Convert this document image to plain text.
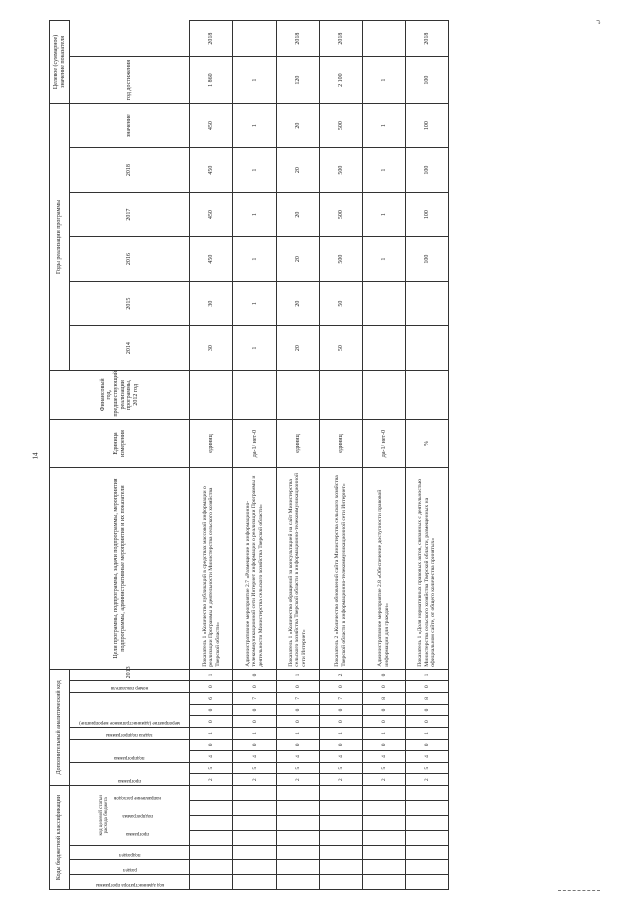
14
↵
Коды бюджетной классификации							Дополнительный аналитический код										Цели программы, подпрограммы, задачи подпрограммы, мероприятия подпрограммы, административные мероприятия и их показатели	Единица измерения	Финансовый год, предшествующий реализации программы, 2012 год	Годы реализации программы						Целевое (суммарное) значение показателя	

код администратора программы	раздел	подраздел	код целевой статьи расхода бюджета
программа
подпрограмма
направление расходов				программа		подпрограмма		задача подпрограммы	мероприятие (административное мероприятие)			номер показателя	2013				2014	2015	2016	2017	2018	значение	год достижения	
							2	5	4	0	1	0	0	6	0	1	Показатель 1 «Количество публикаций в средствах массовой информации о реализации Программы и деятельности Министерства сельского хозяйства Тверской области»	единиц		30	30	450	450	450	450	1 860	2018
							2	5	4	0	1	0	0	7	0	0	Административное мероприятие 2.7 «Размещение в информационно-телекоммуникационной сети Интернет информации о реализации Программы и деятельности Министерства сельского хозяйства Тверской области»	да-1/ нет-0		1	1	1	1	1	1	1	
							2	5	4	0	1	0	0	7	0	1	Показатель 1 «Количество обращений за консультацией на сайт Министерства сельского хозяйства Тверской области в информационно-телекоммуникационной сети Интернет»	единиц		20	20	20	20	20	20	120	2018
							2	5	4	0	1	0	0	7	0	2	Показатель 2 «Количество обновлений сайта Министерства сельского хозяйства Тверской области в информационно-телекоммуникационной сети Интернет»	единиц		50	50	500	500	500	500	2 100	2018
							2	5	4	0	1	0	0	8	0	0	Административное мероприятие 2.8 «Обеспечение доступности правовой информации для граждан»	да-1/ нет-0				1	1	1	1	1	
							2	5	4	0	1	0	0	8	0	1	Показатель 1 «Доля нормативных правовых актов, связанных с деятельностью Министерства сельского хозяйства Тверской области, размещенных на официальном сайте, от общего количества принятых»	%				100	100	100	100	100	2018
